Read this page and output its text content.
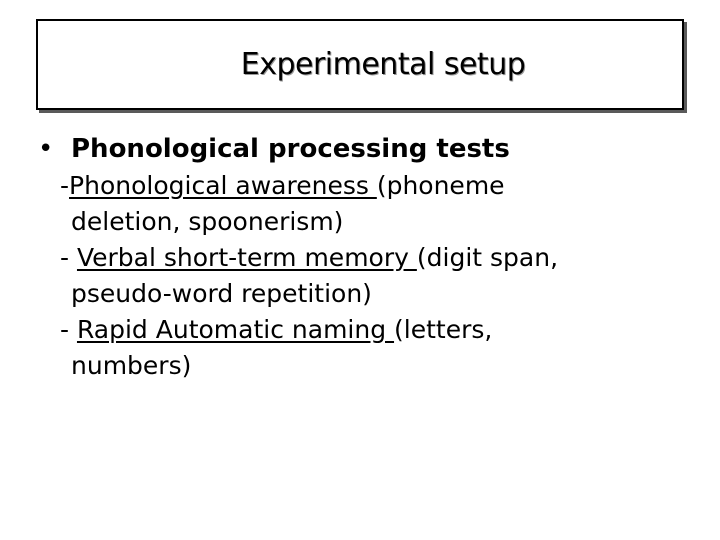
Experimental setup
• Phonological processing tests
-Phonological awareness (phoneme
deletion, spoonerism)
- Verbal short-term memory (digit span,
pseudo-word repetition)
- Rapid Automatic naming (letters,
numbers)
